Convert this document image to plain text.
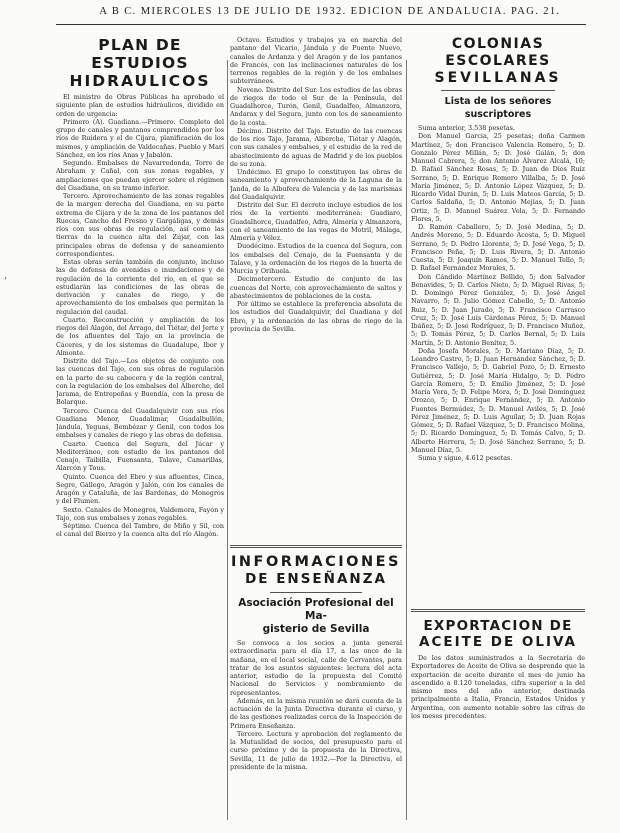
A B C. MIERCOLES 13 DE JULIO DE 1932. EDICION DE ANDALUCIA. PAG. 21.
‚
PLAN DE ESTUDIOS
HIDRAULICOS

El ministro de Obras Públicas ha aprobado el siguiente plan de estudios hidráulicos, dividido en orden de urgencia:

Primero (A). Guadiana.—Primero. Completo del grupo de canales y pantanos comprendidos por los ríos de Ruidera y el de Cíjara, planificación de los mismos, y ampliación de Valdecañas. Pueblo y Mari Sánchez, en los ríos Anas y Jabalón.

Segundo. Embalses de Navarredonda, Torre de Abraham y Cañal, con sus zonas regables, y ampliaciones que puedan ejercer sobre el régimen del Guadiana, en su tramo inferior.

Tercero. Aprovechamiento de las zonas regables de la margen derecha del Guadiana, en su parte extrema de Cijara y de la zona de los pantanos del Ruecas, Cancho del Fresno y Gargáligas, y demás ríos con sus obras de regulación, así como las tierras de la cuenca alta del Zújar, con las principales obras de defensa y de saneamiento correspondientes.

Estas obras serán también de conjunto, incluso las de defensa de avenidas e inundaciones y de regulación de la corriente del río, en el que se estudiarán las condiciones de las obras de derivación y canales de riego, y de aprovechamiento de los embalses que permitan la regulación del caudal.

Cuarto. Reconstrucción y ampliación de los riegos del Alagón, del Árrago, del Tiétar, del Jerte y de los afluentes del Tajo en la provincia de Cáceres, y de los sistemas de Guadalupe, Ibor y Almonte.

Distrito del Tajo.—Los objetos de conjunto con las cuencas del Tajo, con sus obras de regulación en la parte de su cabecera y de la región central, con la regulación de los embalses del Alberche, del Jarama, de Entrepeñas y Buendía, con la presa de Bolarque.

Tercero. Cuenca del Guadalquivir con sus ríos Guadiana Menor, Guadalimar, Guadalbullón, Jándula, Yeguas, Bembézar y Genil, con todos los embalses y canales de riego y las obras de defensa.

Cuarto. Cuenca del Segura, del Júcar y Mediterráneo, con estudio de los pantanos del Cenajo, Taibilla, Fuensanta, Talave, Camarillas, Alarcón y Tous.

Quinto. Cuenca del Ebro y sus afluentes, Cinca, Segre, Gállego, Aragón y Jalón, con los canales de Aragón y Cataluña, de las Bardenas, de Monegros y del Flumen.

Sexto. Canales de Monegros, Valdemora, Fayón y Tajo, con sus embalses y zonas regables.

Séptimo. Cuenca del Tambre, de Miño y Sil, con el canal del Bierzo y la cuenca alta del río Alagón.

Octavo. Estudios y trabajos ya en marcha del pantano del Vicario, Jándula y de Puente Nuevo, canales de Ardanza y del Aragón y de los pantanos de Francés, con las inclinaciones naturales de los terrenos regables de la región y de los embalses subterráneos.

Noveno. Distrito del Sur. Los estudios de las obras de riegos de todo el Sur de la Península, del Guadalhorce, Turón, Genil, Guadalfeo, Almanzora, Andarax y del Segura, junto con los de saneamiento de la costa.

Décimo. Distrito del Tajo. Estudio de las cuencas de los ríos Tajo, Jarama, Alberche, Tiétar y Alagón, con sus canales y embalses, y el estudio de la red de abastecimiento de aguas de Madrid y de los pueblos de su zona.

Undécimo. El grupo lo constituyen las obras de saneamiento y aprovechamiento de la Laguna de la Janda, de la Albufera de Valencia y de las marismas del Guadalquivir.

Distrito del Sur. El decreto incluye estudios de los ríos de la vertiente mediterránea: Guadiaro, Guadalhorce, Guadalfeo, Adra, Almería y Almanzora, con el saneamiento de las vegas de Motril, Málaga, Almería y Vélez.

Duodécimo. Estudios de la cuenca del Segura, con los embalses del Cenajo, de la Fuensanta y de Talave, y la ordenación de los riegos de la huerta de Murcia y Orihuela.

Decimotercero. Estudio de conjunto de las cuencas del Norte, con aprovechamiento de saltos y abastecimientos de poblaciones de la costa.

Por último se establece la preferencia absoluta de los estudios del Guadalquivir, del Guadiana y del Ebro, y la ordenación de las obras de riego de la provincia de Sevilla.

INFORMACIONES
DE ENSEÑANZA
Asociación Profesional del Ma-
gisterio de Sevilla

Se convoca a los socios a junta general extraordinaria para el día 17, a las once de la mañana, en el local social, calle de Cervantes, para tratar de los asuntos siguientes: lectura del acta anterior, estudio de la propuesta del Comité Nacional de Servicios y nombramiento de representantes.

Además, en la misma reunión se dará cuenta de la actuación de la Junta Directiva durante el curso, y de las gestiones realizadas cerca de la Inspección de Primera Enseñanza.

Tercero. Lectura y aprobación del reglamento de la Mutualidad de socios, del presupuesto para el curso próximo y de la propuesta de la Directiva, Sevilla, 11 de julio de 1932.—Por la Directiva, el presidente de la misma.

COLONIAS ESCOLARES
SEVILLANAS
Lista de los señores suscriptores

Suma anterior, 3.538 pesetas.

Don Manuel Garcia, 25 pesetas; doña Carmen Martínez, 5; don Francisco Valencia Romero, 5; D. Gonzalo Pérez Millán, 5; D. José Galán, 5; don Manuel Cabrera, 5; don Antonio Álvarez Alcalá, 10; D. Rafael Sánchez Rosas, 5; D. Juan de Dios Ruiz Serrano, 5; D. Enrique Romero Villalba, 5; D. José María Jiménez, 5; D. Antonio López Vázquez, 5; D. Ricardo Vidal Durán, 5; D. Luis Mateos García, 5; D. Carlos Saldaña, 5; D. Antonio Mejías, 5; D. Juan Ortiz, 5; D. Manuel Suárez Vela, 5; D. Fernando Flores, 5.

D. Ramón Caballero, 5; D. José Medina, 5; D. Andrés Moreno, 5; D. Eduardo Acosta, 5; D. Miguel Serrano, 5; D. Pedro Llorente, 5; D. José Vega, 5; D. Francisco Peña, 5; D. Luis Rivera, 5; D. Antonio Cuesta, 5; D. Joaquín Ramos, 5; D. Manuel Tello, 5; D. Rafael Fernández Morales, 5.

Don Cándido Martínez Bellido, 5; don Salvador Benavides, 5; D. Carlos Nieto, 5; D. Miguel Rivas, 5; D. Domingo Pérez González, 5; D. José Ángel Navarro, 5; D. Julio Gómez Cabello, 5; D. Antonio Ruiz, 5; D. Juan Jurado, 5; D. Francisco Carrasco Cruz, 5; D. José Luis Cárdenas Pérez, 5; D. Manuel Ibáñez, 5; D. José Rodríguez, 5; D. Francisco Muñoz, 5; D. Tomás Pérez, 5; D. Carlos Bernal, 5; D. Luis Martín, 5; D. Antonio Benítez, 5.

Doña Josefa Morales, 5; D. Mariano Díaz, 5; D. Leandro Castro, 5; D. Juan Hernández Sánchez, 5; D. Francisco Vallejo, 5; D. Gabriel Pozo, 5; D. Ernesto Gutiérrez, 5; D. José María Hidalgo, 5; D. Pedro García Romero, 5; D. Emilio Jiménez, 5; D. José María Vera, 5; D. Felipe Mora, 5; D. José Domínguez Orozco, 5; D. Enrique Fernández, 5; D. Antonio Fuentes Bermúdez, 5; D. Manuel Avilés, 5; D. José Pérez Jiménez, 5; D. Luis Aguilar, 5; D. Juan Rojas Gómez, 5; D. Rafael Vázquez, 5; D. Francisco Molina, 5; D. Ricardo Domínguez, 5; D. Tomás Calvo, 5; D. Alberto Herrera, 5; D. José Sánchez Serrano, 5; D. Manuel Díaz, 5.

Suma y sigue, 4.612 pesetas.

EXPORTACION DE
ACEITE DE OLIVA

De los datos suministrados a la Secretaría de Exportadores de Aceite de Oliva se desprende que la exportación de aceite durante el mes de junio ha ascendido a 8.120 toneladas, cifra superior a la del mismo mes del año anterior, destinada principalmente a Italia, Francia, Estados Unidos y Argentina, con aumento notable sobre las cifras de los meses precedentes.
